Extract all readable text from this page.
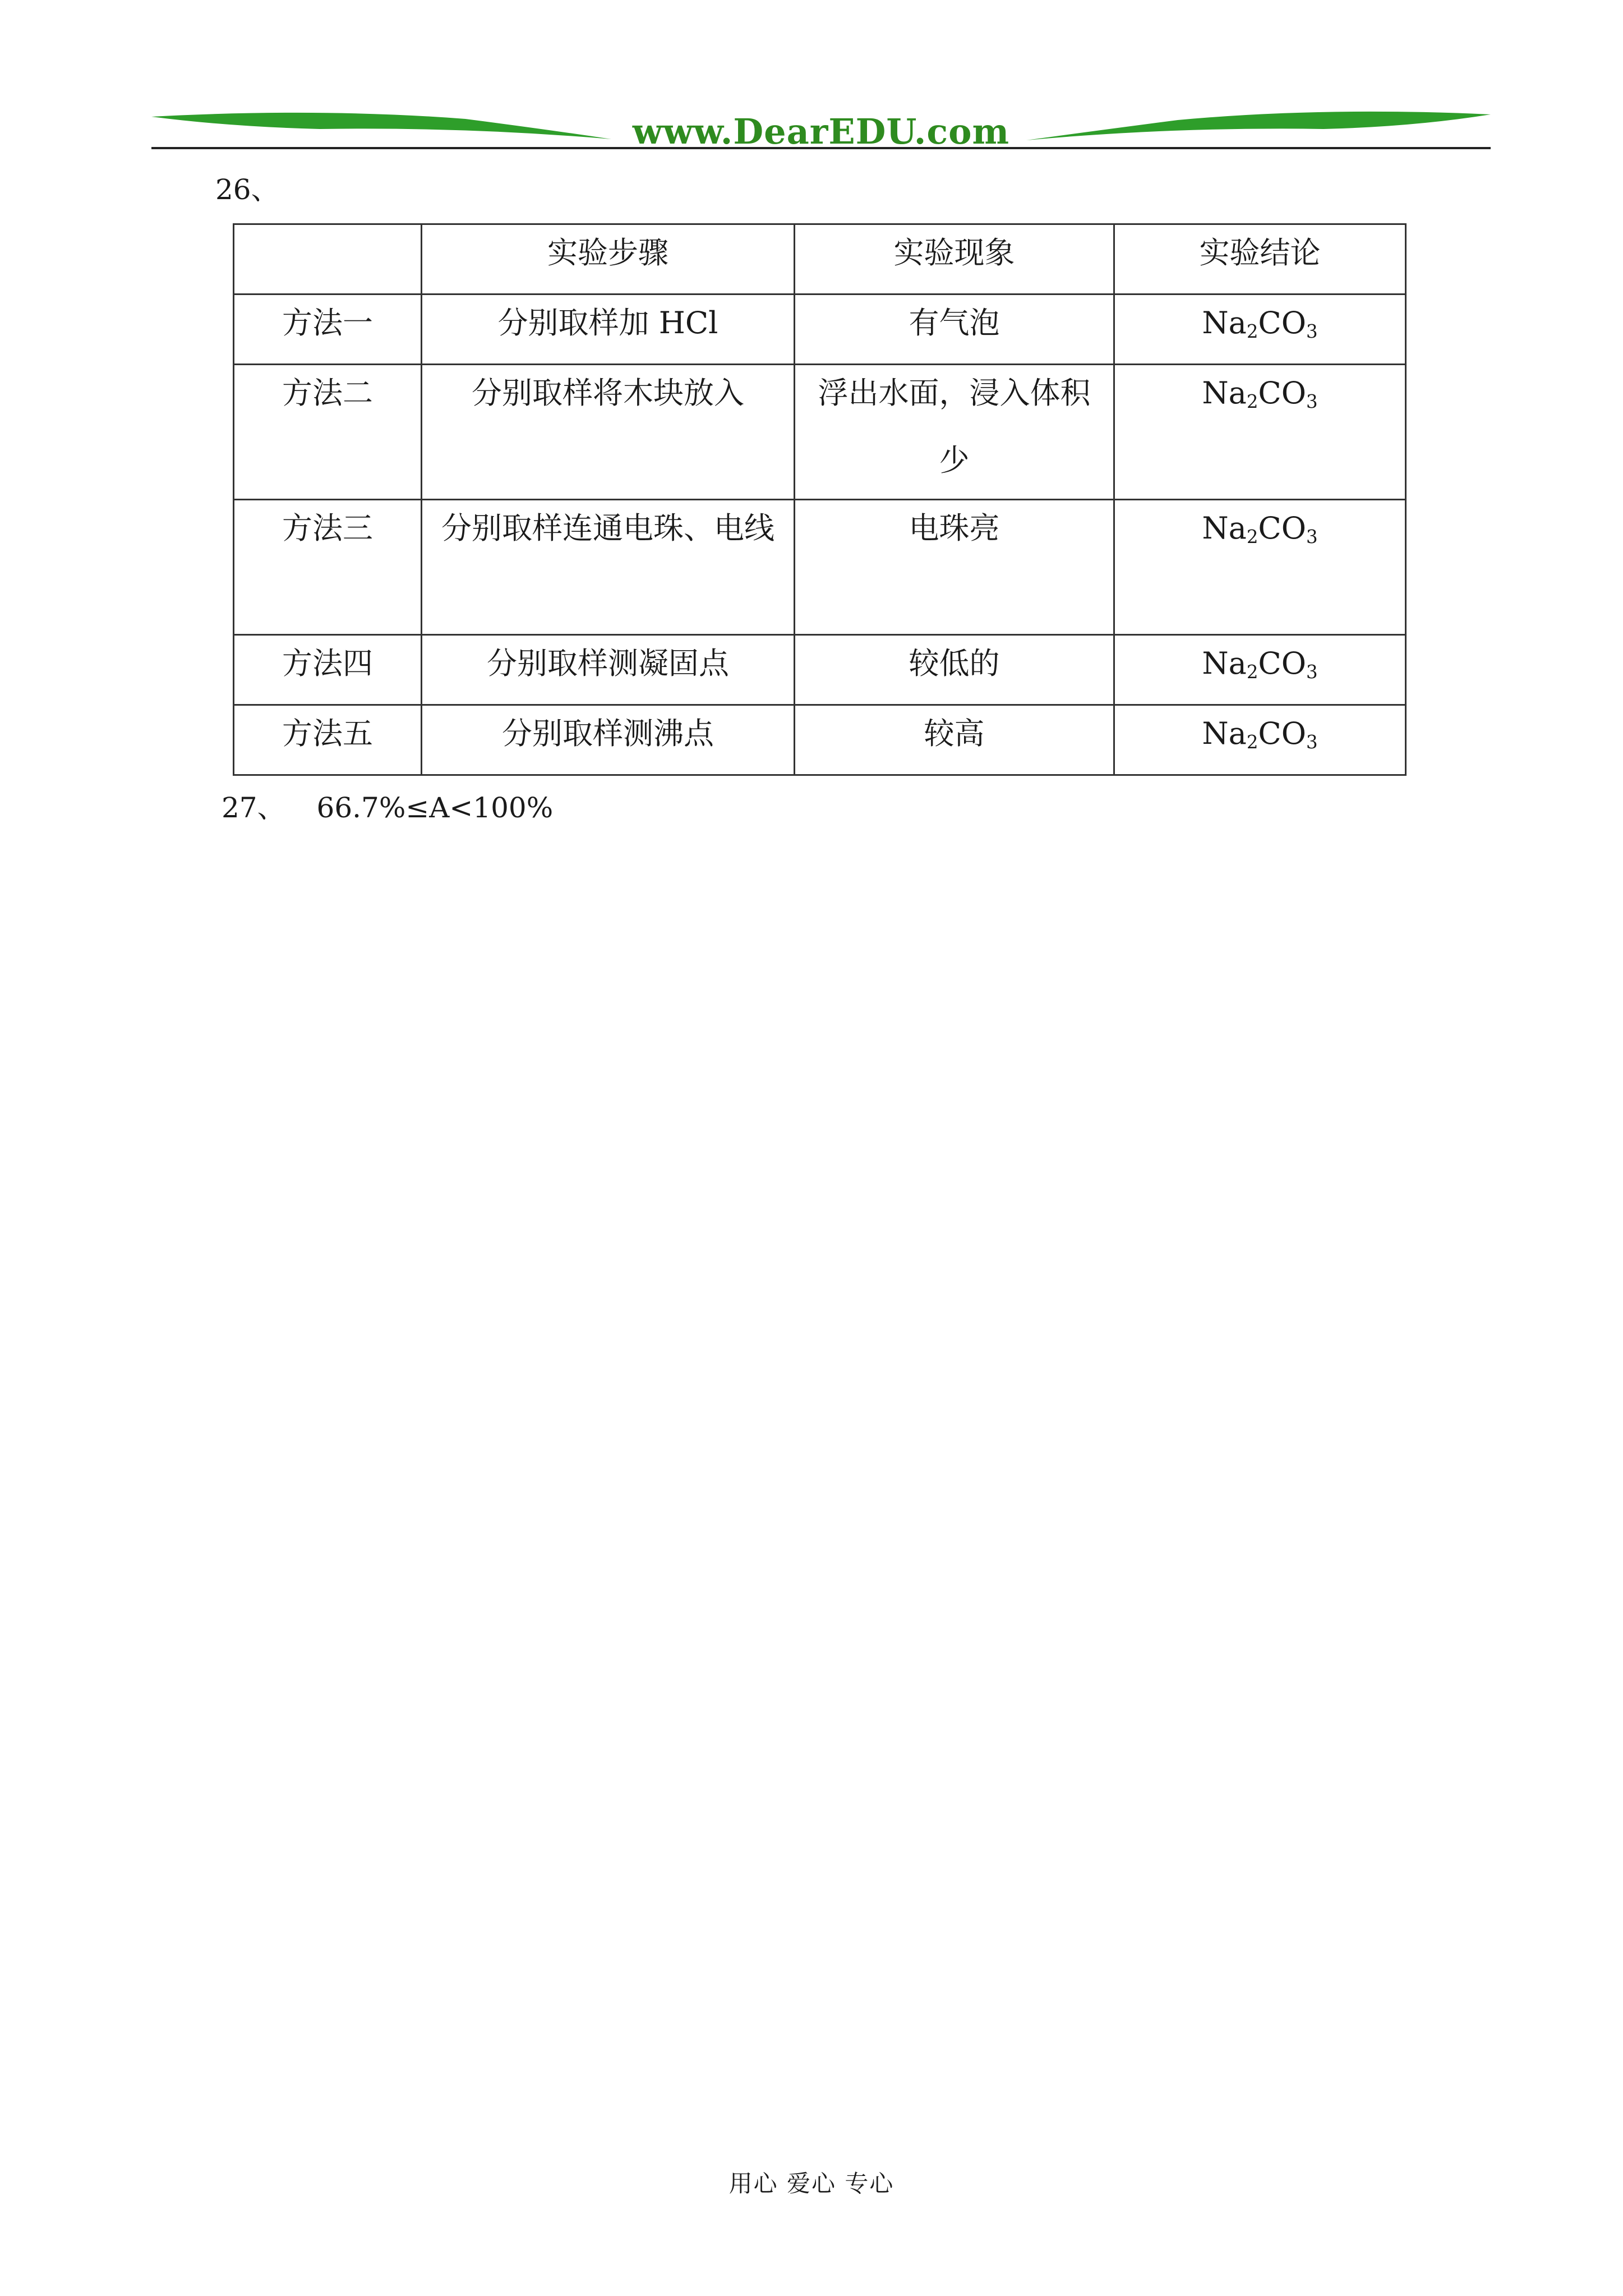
www.DearEDU.com
26、
	实验步骤	实验现象	实验结论
方法一	分别取样加 HCl	有气泡	$Na_2CO_3$

方法二	分别取样将木块放入	浮出水面，浸入体积少	$Na_2CO_3$

方法三	分别取样连通电珠、电线	电珠亮	$Na_2CO_3$

方法四	分别取样测凝固点	较低的	$Na_2CO_3$
方法五	分别取样测沸点	较高	$Na_2CO_3$
27、 66.7%≤A<100%
用心 爱心 专心
